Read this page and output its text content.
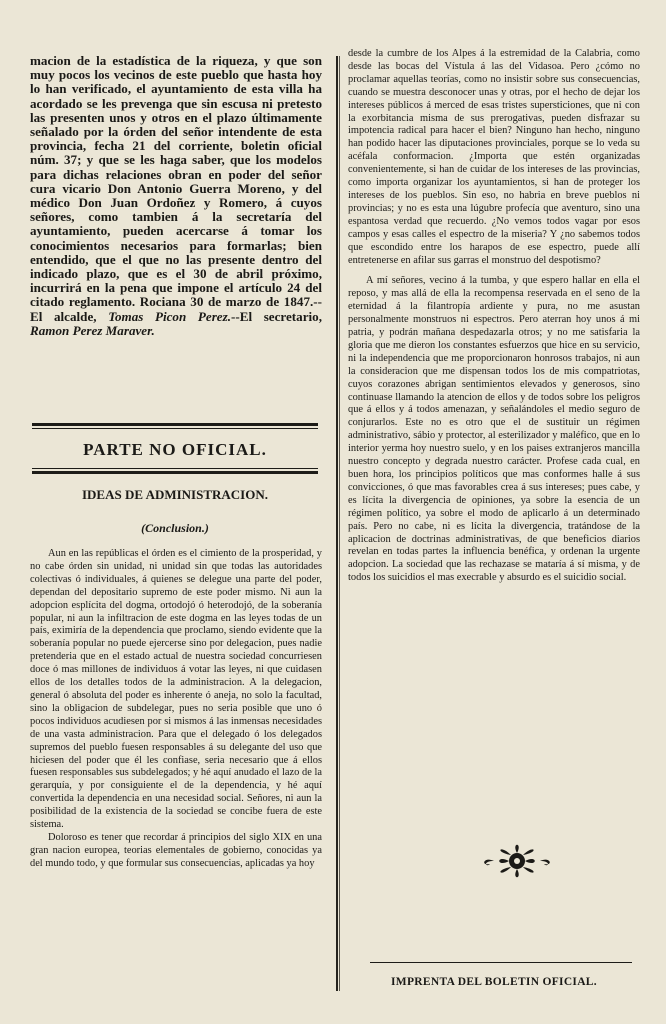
macion de la estadística de la riqueza, y que son muy pocos los vecinos de este pueblo que hasta hoy lo han verificado, el ayuntamiento de esta villa ha acordado se les prevenga que sin escusa ni pretesto las presenten unos y otros en el plazo últimamente señalado por la órden del señor intendente de esta provincia, fecha 21 del corriente, boletin oficial núm. 37; y que se les haga saber, que los modelos para dichas relaciones obran en poder del señor cura vicario Don Antonio Guerra Moreno, y del médico Don Juan Ordoñez y Romero, á cuyos señores, como tambien á la secretaría del ayuntamiento, pueden acercarse á tomar los conocimientos necesarios para formarlas; bien entendido, que el que no las presente dentro del indicado plazo, que es el 30 de abril próximo, incurrirá en la pena que impone el artículo 24 del citado reglamento. Rociana 30 de marzo de 1847.--El alcalde, Tomas Picon Perez.--El secretario, Ramon Perez Maraver.

PARTE NO OFICIAL.
IDEAS DE ADMINISTRACION.
(Conclusion.)

Aun en las repúblicas el órden es el cimiento de la prosperidad, y no cabe órden sin unidad, ni unidad sin que todas las autoridades colectivas ó individuales, á quienes se delegue una parte del poder, dependan del depositario supremo de este poder mismo. Ni aun la adopcion esplícita del dogma, ortodojó ó heterodojó, de la soberanía popular, ni aun la infiltracion de este dogma en las leyes todas de un país, eximiría de la dependencia que proclamo, siendo evidente que la soberanía popular no puede ejercerse sino por delegacion, pues nadie pretenderia que en el estado actual de nuestra sociedad concurriesen doce ó mas millones de individuos á votar las leyes, ni que cuidasen ellos de los detalles todos de la administracion. A la delegacion, general ó absoluta del poder es inherente ó aneja, no solo la facultad, sino la obligacion de subdelegar, pues no seria posible que uno ó pocos individuos acudiesen por si mismos á las inmensas necesidades de una vasta administracion. Para que el delegado ó los delegados supremos del pueblo fuesen responsables á su delegante del uso que hiciesen del poder que él les confiase, seria necesario que á ellos fuesen responsables sus subdelegados; y hé aquí anudado el lazo de la gerarquía, y por consiguiente el de la dependencia, y hé aquí convertida la dependencia en una necesidad social. Señores, ni aun la posibilidad de la existencia de la sociedad se concibe fuera de este sistema.

Doloroso es tener que recordar á principios del siglo XIX en una gran nacion europea, teorias elementales de gobierno, conocidas ya del mundo todo, y que formular sus consecuencias, aplicadas ya hoy

desde la cumbre de los Alpes á la estremidad de la Calabria, como desde las bocas del Vístula á las del Vidasoa. Pero ¿cómo no proclamar aquellas teorías, como no insistir sobre sus consecuencias, cuando se muestra desconocer unas y otras, por el hecho de dejar los intereses públicos á merced de esas tristes supersticiones, que ni con la exorbitancia misma de sus prerogativas, pueden disfrazar su impotencia radical para hacer el bien? Ninguno han hecho, ninguno han podido hacer las diputaciones provinciales, porque se lo veda su acéfala conformacion. ¿Importa que estén organizadas convenientemente, si han de cuidar de los intereses de las provincias, como importa organizar los ayuntamientos, si han de proteger los intereses de los pueblos. Sin eso, no habria en breve pueblos ni provincias; y no es esta una lúgubre profecía que aventuro, sino una espantosa verdad que recuerdo. ¿No vemos todos vagar por esos campos y esas calles el espectro de la miseria? Y ¿no sabemos todos que escondido entre los harapos de ese espectro, puede allí entretenerse en afilar sus garras el monstruo del despotismo?

A mí señores, vecino á la tumba, y que espero hallar en ella el reposo, y mas allá de ella la recompensa reservada en el seno de la eternidad á la filantropía ardiente y pura, no me asustan personalmente monstruos ni espectros. Pero aterran hoy unos á mi patria, y podrán mañana despedazarla otros; y no me satisfaria la gloria que me dieron los constantes esfuerzos que hice en su servicio, ni la independencia que me proporcionaron honrosos trabajos, ni aun la consideracion que me dispensan todos los de mis compatriotas, cuyos corazones abrigan sentimientos elevados y generosos, sino continuase llamando la atencion de ellos y de todos sobre los peligros que á ellos y á todos amenazan, y señalándoles el medio seguro de conjurarlos. Este no es otro que el de sustituir un régimen administrativo, sábio y protector, al esterilizador y maléfico, que en lo interior yerma hoy nuestro suelo, y en los paises extranjeros mancilla nuestro concepto y degrada nuestro carácter. Profese cada cual, en buen hora, los principios políticos que mas conformes halle á sus convicciones, ó que mas favorables crea á sus intereses; pues cabe, y es lícita la divergencia de opiniones, ya sobre la esencia de un régimen político, ya sobre el modo de aplicarlo á un determinado país. Pero no cabe, ni es lícita la divergencia, tratándose de la aplicacion de doctrinas administrativas, de que beneficios diarios revelan en todas partes la influencia benéfica, y ordenan la urgente adopcion. La sociedad que las rechazase se mataría á sí misma, y de todos los suicidios el mas execrable y absurdo es el suicidio social.

IMPRENTA DEL BOLETIN OFICIAL.
